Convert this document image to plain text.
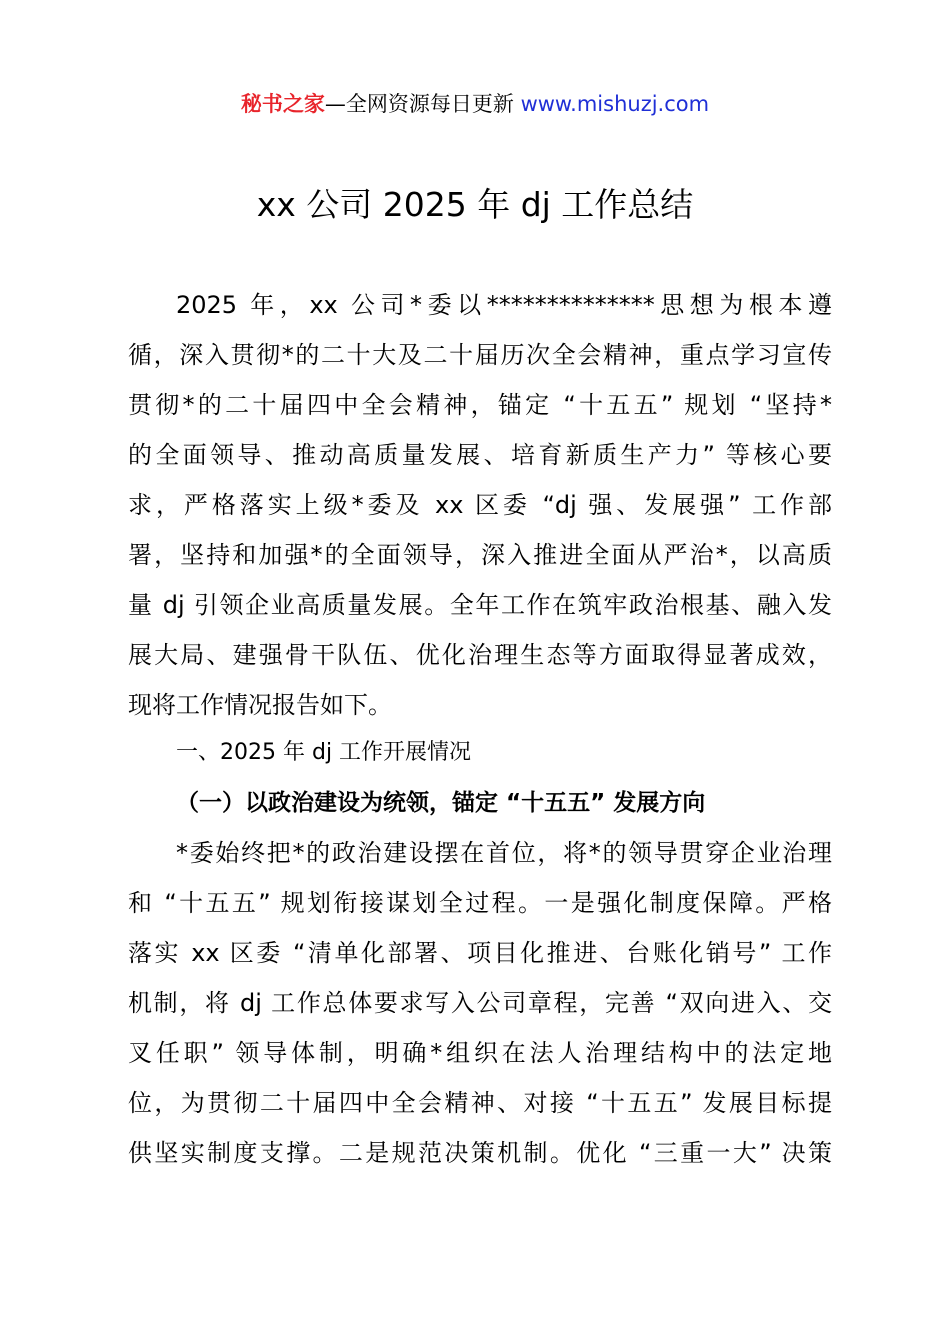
秘书之家—全网资源每日更新 www.mishuzj.com
xx 公司 2025 年 dj 工作总结
2025 年，xx 公司*委以**************思想为根本遵
循，深入贯彻*的二十大及二十届历次全会精神，重点学习宣传
贯彻*的二十届四中全会精神，锚定 “十五五” 规划 “坚持*
的全面领导、推动高质量发展、培育新质生产力” 等核心要
求，严格落实上级*委及 xx 区委 “dj 强、发展强” 工作部
署，坚持和加强*的全面领导，深入推进全面从严治*，以高质
量 dj 引领企业高质量发展。全年工作在筑牢政治根基、融入发
展大局、建强骨干队伍、优化治理生态等方面取得显著成效，
现将工作情况报告如下。
一、2025 年 dj 工作开展情况
（一）以政治建设为统领，锚定 “十五五” 发展方向
*委始终把*的政治建设摆在首位，将*的领导贯穿企业治理
和 “十五五” 规划衔接谋划全过程。一是强化制度保障。严格
落实 xx 区委 “清单化部署、项目化推进、台账化销号” 工作
机制，将 dj 工作总体要求写入公司章程，完善 “双向进入、交
叉任职” 领导体制，明确*组织在法人治理结构中的法定地
位，为贯彻二十届四中全会精神、对接 “十五五” 发展目标提
供坚实制度支撑。二是规范决策机制。优化 “三重一大” 决策
